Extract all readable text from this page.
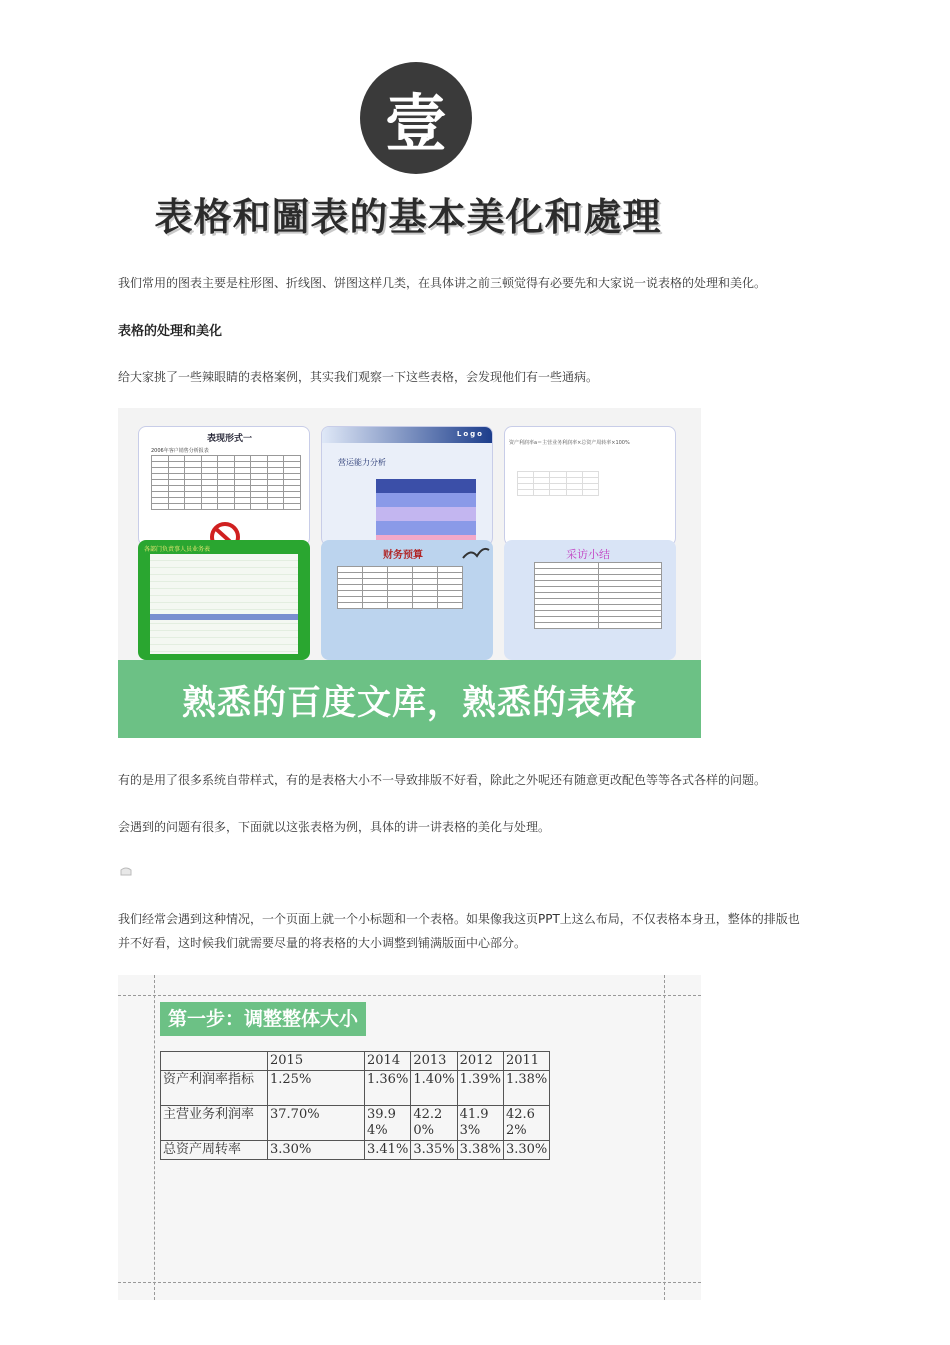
壹
表格和圖表的基本美化和處理
我们常用的图表主要是柱形图、折线图、饼图这样几类，在具体讲之前三顿觉得有必要先和大家说一说表格的处理和美化。
表格的处理和美化
给大家挑了一些辣眼睛的表格案例，其实我们观察一下这些表格，会发现他们有一些通病。
表现形式一
2006年客户销售分析报表

Logo
营运能力分析
资产利润率a＝主营业务利润率×总资产周转率×100%

各部门负责事人员业务表
财务预算

					采访小结

熟悉的百度文库，熟悉的表格
有的是用了很多系统自带样式，有的是表格大小不一导致排版不好看，除此之外呢还有随意更改配色等等各式各样的问题。
会遇到的问题有很多，下面就以这张表格为例，具体的讲一讲表格的美化与处理。
我们经常会遇到这种情况，一个页面上就一个小标题和一个表格。如果像我这页PPT上这么布局，不仅表格本身丑，整体的排版也
并不好看，这时候我们就需要尽量的将表格的大小调整到铺满版面中心部分。
第一步：调整整体大小
	2015	2014	2013	2012	2011
资产利润率指标	1.25%	1.36%	1.40%	1.39%	1.38%
主营业务利润率	37.70%	39.94%	42.20%	41.93%	42.62%
总资产周转率	3.30%	3.41%	3.35%	3.38%	3.30%
